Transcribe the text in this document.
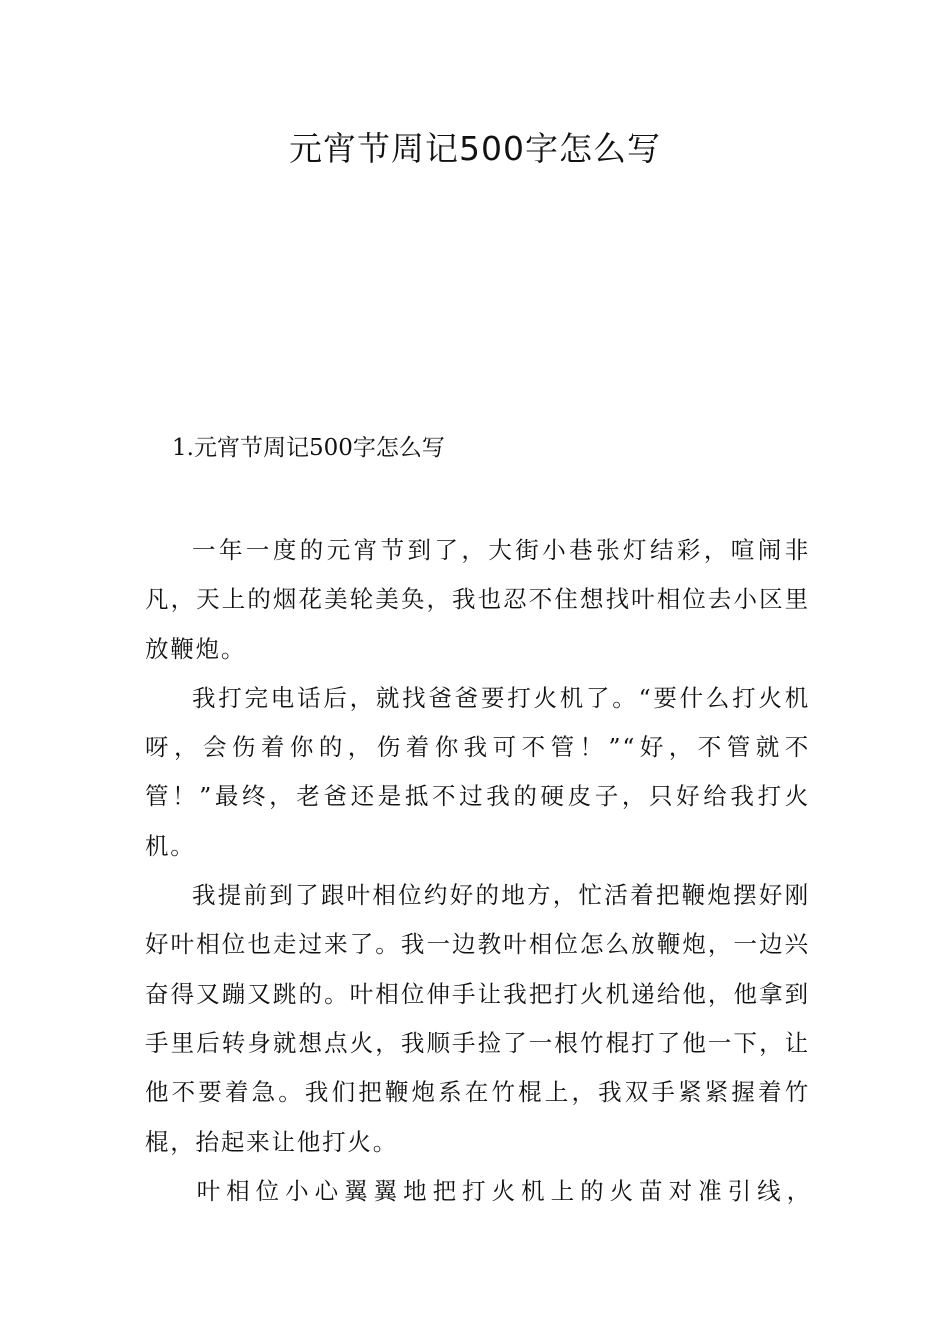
元宵节周记500字怎么写
1.元宵节周记500字怎么写

一年一度的元宵节到了，大街小巷张灯结彩，喧闹非凡，天上的烟花美轮美奂，我也忍不住想找叶相位去小区里放鞭炮。

我打完电话后，就找爸爸要打火机了。“要什么打火机呀，会伤着你的，伤着你我可不管！”“好，不管就不管！”最终，老爸还是抵不过我的硬皮子，只好给我打火机。

我提前到了跟叶相位约好的地方，忙活着把鞭炮摆好刚好叶相位也走过来了。我一边教叶相位怎么放鞭炮，一边兴奋得又蹦又跳的。叶相位伸手让我把打火机递给他，他拿到手里后转身就想点火，我顺手捡了一根竹棍打了他一下，让他不要着急。我们把鞭炮系在竹棍上，我双手紧紧握着竹棍，抬起来让他打火。

叶相位小心翼翼地把打火机上的火苗对准引线，
